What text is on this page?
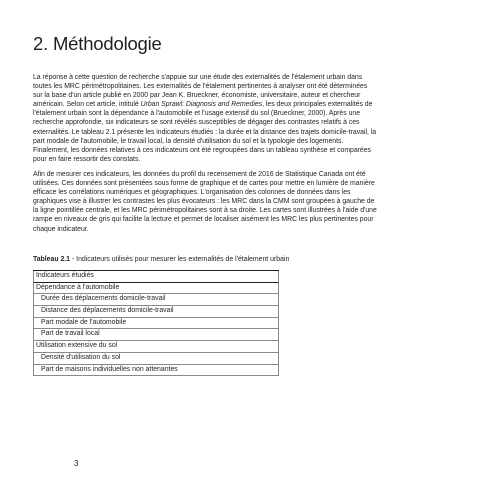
2. Méthodologie

La réponse à cette question de recherche s'appuie sur une étude des externalités de l'étalement urbain dans toutes les MRC périmétropolitaines. Les externalités de l'étalement pertinentes à analyser ont été déterminées sur la base d'un article publié en 2000 par Jean K. Brueckner, économiste, universitaire, auteur et chercheur américain. Selon cet article, intitulé Urban Sprawl: Diagnosis and Remedies, les deux principales externalités de l'étalement urbain sont la dépendance à l'automobile et l'usage extensif du sol (Brueckner, 2000). Après une recherche approfondie, six indicateurs se sont révélés susceptibles de dégager des contrastes relatifs à ces externalités. Le tableau 2.1 présente les indicateurs étudiés : la durée et la distance des trajets domicile-travail, la part modale de l'automobile, le travail local, la densité d'utilisation du sol et la typologie des logements. Finalement, les données relatives à ces indicateurs ont été regroupées dans un tableau synthèse et comparées pour en faire ressortir des constats.

Afin de mesurer ces indicateurs, les données du profil du recensement de 2016 de Statistique Canada ont été utilisées. Ces données sont présentées sous forme de graphique et de cartes pour mettre en lumière de manière efficace les corrélations numériques et géographiques. L'organisation des colonnes de données dans les graphiques vise à illustrer les contrastes les plus évocateurs : les MRC dans la CMM sont groupées à gauche de la ligne pointillée centrale, et les MRC périmétropolitaines sont à sa droite. Les cartes sont illustrées à l'aide d'une rampe en niveaux de gris qui facilite la lecture et permet de localiser aisément les MRC les plus pertinentes pour chaque indicateur.

Tableau 2.1 - Indicateurs utilisés pour mesurer les externalités de l'étalement urbain
Indicateurs étudiés
Dépendance à l'automobile
Durée des déplacements domicile-travail
Distance des déplacements domicile-travail
Part modale de l'automobile
Part de travail local
Utilisation extensive du sol
Densité d'utilisation du sol
Part de maisons individuelles non attenantes
3
